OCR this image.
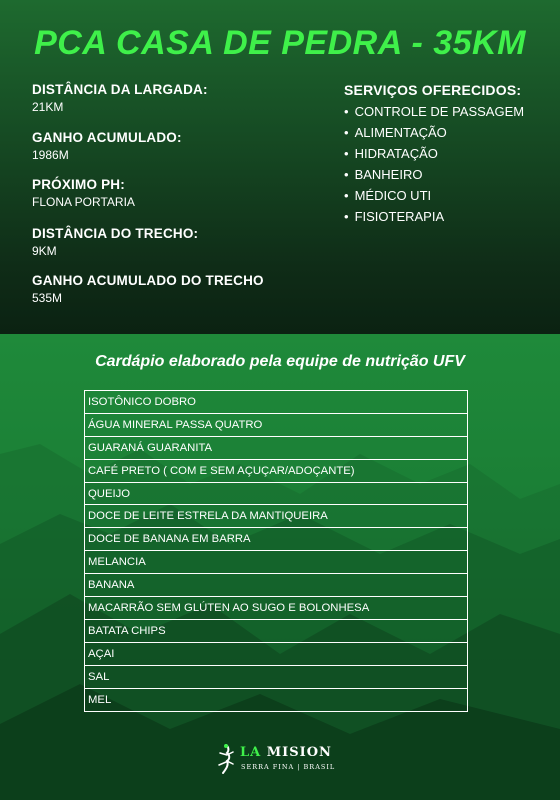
PCA CASA DE PEDRA - 35KM
DISTÂNCIA DA LARGADA:
21KM
GANHO ACUMULADO:
1986M
PRÓXIMO PH:
FLONA PORTARIA
DISTÂNCIA DO TRECHO:
9KM
GANHO ACUMULADO DO TRECHO
535M
SERVIÇOS OFERECIDOS:
• CONTROLE DE PASSAGEM
• ALIMENTAÇÃO
• HIDRATAÇÃO
• BANHEIRO
• MÉDICO UTI
• FISIOTERAPIA
Cardápio elaborado pela equipe de nutrição UFV
ISOTÔNICO DOBRO
ÁGUA MINERAL PASSA QUATRO
GUARANÁ GUARANITA
CAFÉ PRETO ( COM E SEM AÇUÇAR/ADOÇANTE)
QUEIJO
DOCE DE LEITE ESTRELA DA MANTIQUEIRA
DOCE DE BANANA EM BARRA
MELANCIA
BANANA
MACARRÃO SEM GLÚTEN AO SUGO E BOLONHESA
BATATA CHIPS
AÇAI
SAL
MEL
LA MISION
SERRA FINA | BRASIL
